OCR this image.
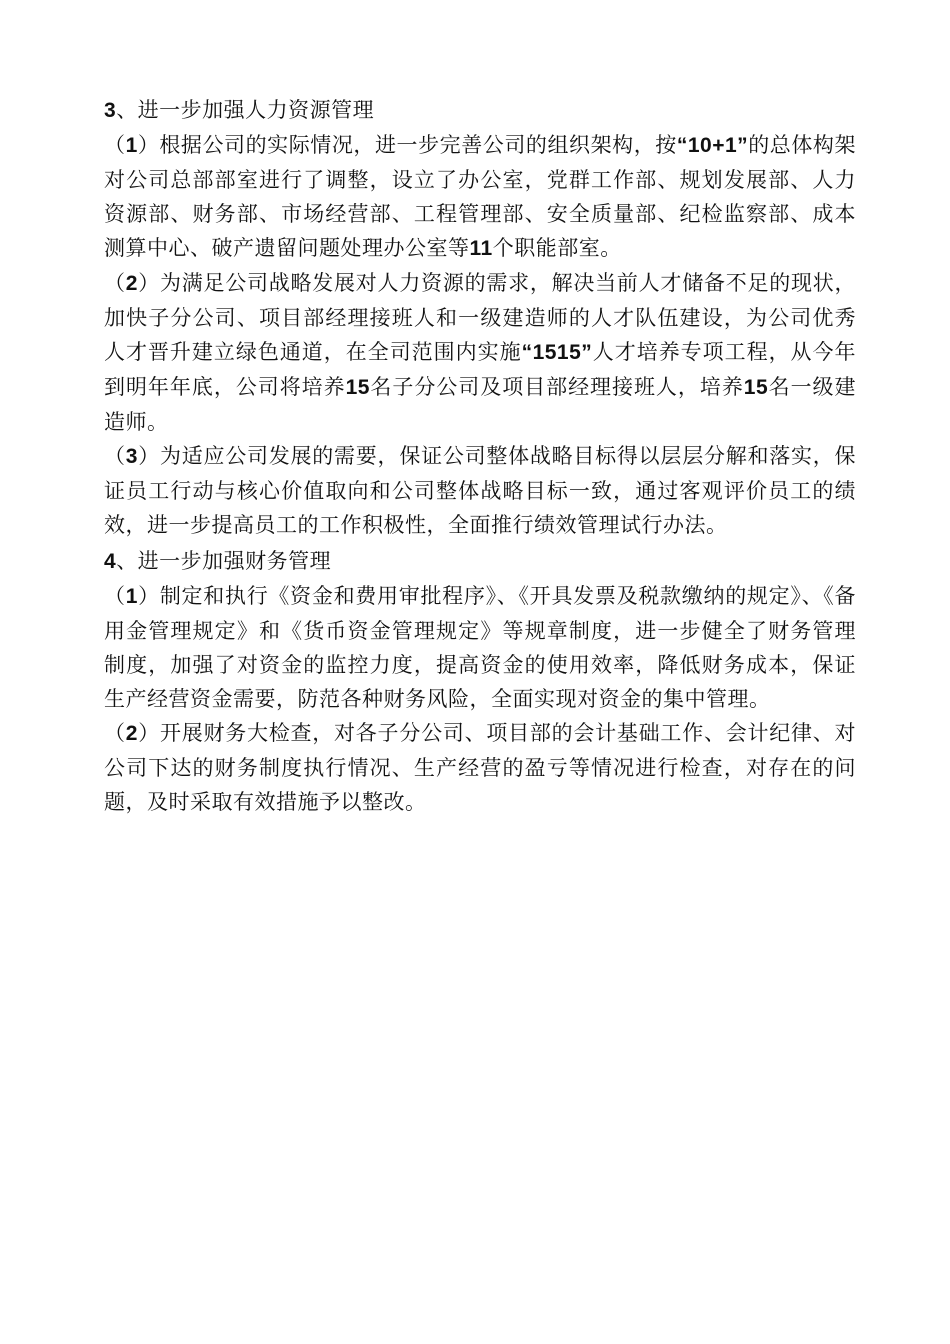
3、进一步加强人力资源管理

（1）根据公司的实际情况，进一步完善公司的组织架构，按“10+1”的总体构架对公司总部部室进行了调整，设立了办公室，党群工作部、规划发展部、人力资源部、财务部、市场经营部、工程管理部、安全质量部、纪检监察部、成本测算中心、破产遗留问题处理办公室等11个职能部室。

（2）为满足公司战略发展对人力资源的需求，解决当前人才储备不足的现状，加快子分公司、项目部经理接班人和一级建造师的人才队伍建设，为公司优秀人才晋升建立绿色通道，在全司范围内实施“1515”人才培养专项工程，从今年到明年年底，公司将培养15名子分公司及项目部经理接班人，培养15名一级建造师。

（3）为适应公司发展的需要，保证公司整体战略目标得以层层分解和落实，保证员工行动与核心价值取向和公司整体战略目标一致，通过客观评价员工的绩效，进一步提高员工的工作积极性，全面推行绩效管理试行办法。

4、进一步加强财务管理

（1）制定和执行《资金和费用审批程序》、《开具发票及税款缴纳的规定》、《备用金管理规定》和《货币资金管理规定》等规章制度，进一步健全了财务管理制度，加强了对资金的监控力度，提高资金的使用效率，降低财务成本，保证生产经营资金需要，防范各种财务风险，全面实现对资金的集中管理。

（2）开展财务大检查，对各子分公司、项目部的会计基础工作、会计纪律、对公司下达的财务制度执行情况、生产经营的盈亏等情况进行检查，对存在的问题，及时采取有效措施予以整改。
